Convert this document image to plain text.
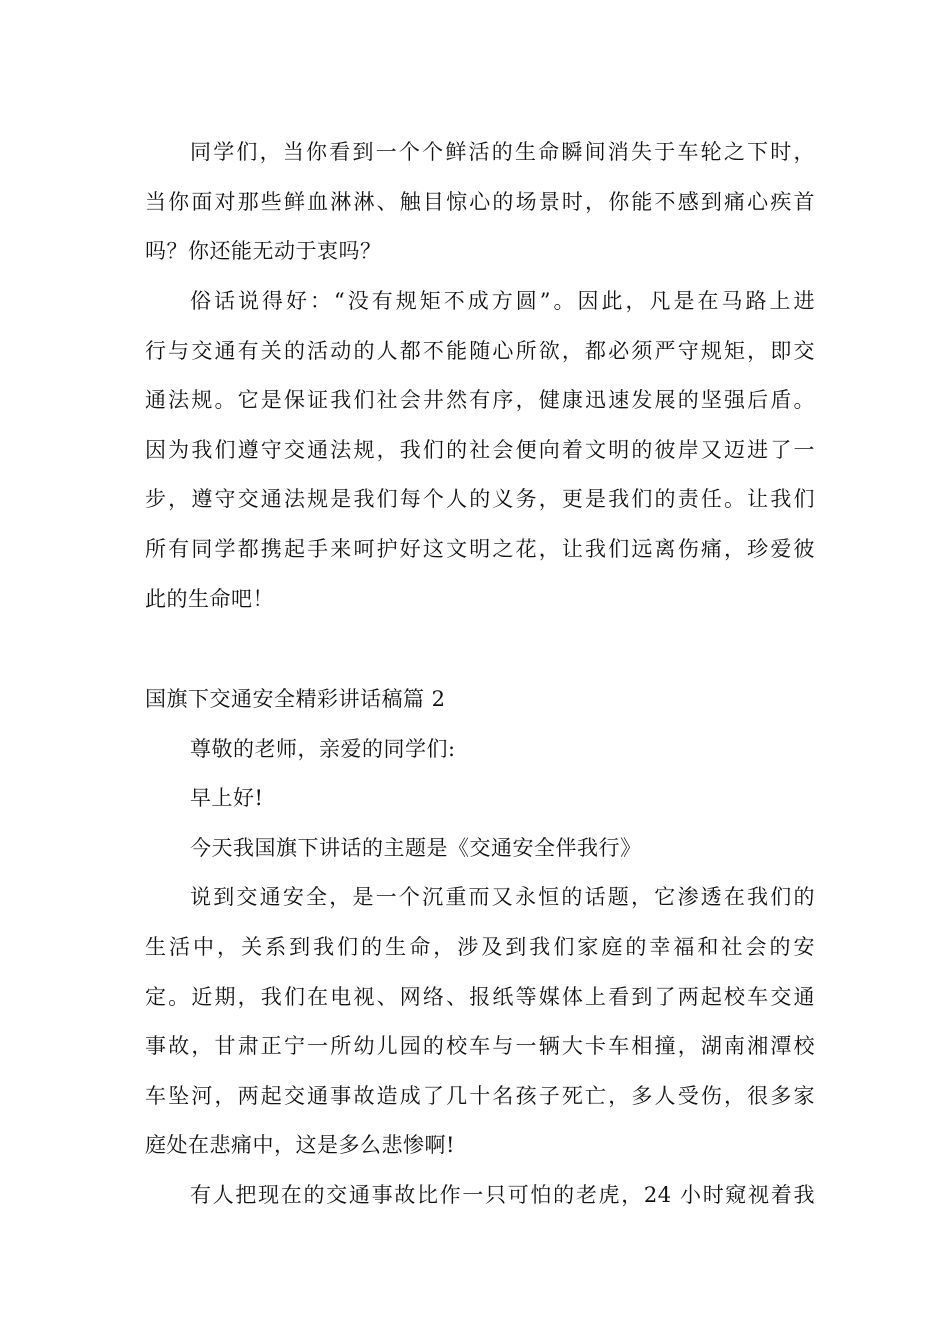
同学们，当你看到一个个鲜活的生命瞬间消失于车轮之下时，
当你面对那些鲜血淋淋、触目惊心的场景时，你能不感到痛心疾首
吗？你还能无动于衷吗？
俗话说得好：“没有规矩不成方圆”。因此，凡是在马路上进
行与交通有关的活动的人都不能随心所欲，都必须严守规矩，即交
通法规。它是保证我们社会井然有序，健康迅速发展的坚强后盾。
因为我们遵守交通法规，我们的社会便向着文明的彼岸又迈进了一
步，遵守交通法规是我们每个人的义务，更是我们的责任。让我们
所有同学都携起手来呵护好这文明之花，让我们远离伤痛，珍爱彼
此的生命吧！
国旗下交通安全精彩讲话稿篇 2
尊敬的老师，亲爱的同学们:
早上好!
今天我国旗下讲话的主题是《交通安全伴我行》
说到交通安全，是一个沉重而又永恒的话题，它渗透在我们的
生活中，关系到我们的生命，涉及到我们家庭的幸福和社会的安
定。近期，我们在电视、网络、报纸等媒体上看到了两起校车交通
事故，甘肃正宁一所幼儿园的校车与一辆大卡车相撞，湖南湘潭校
车坠河，两起交通事故造成了几十名孩子死亡，多人受伤，很多家
庭处在悲痛中，这是多么悲惨啊!
有人把现在的交通事故比作一只可怕的老虎，24 小时窥视着我
